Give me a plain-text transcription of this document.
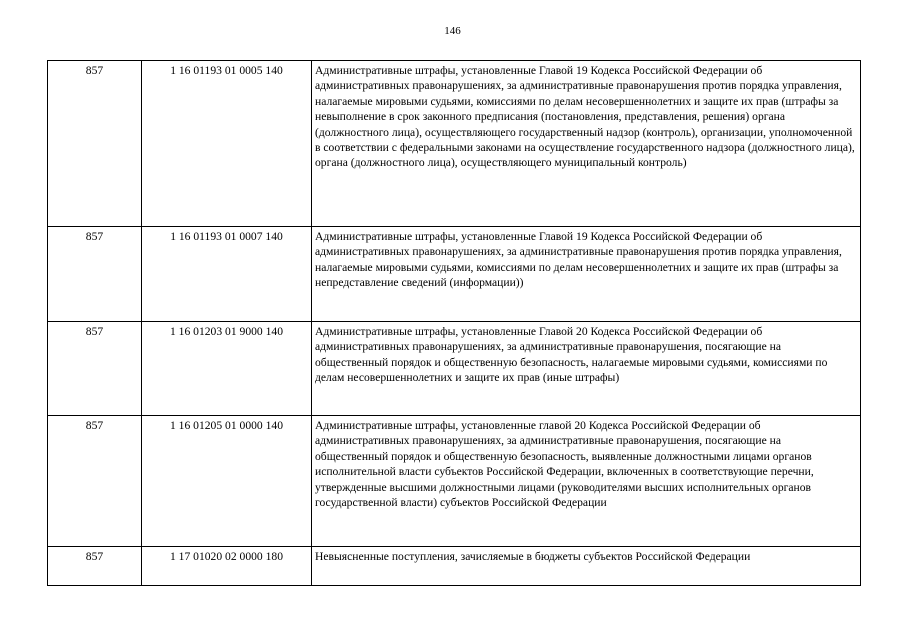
146
857	1 16 01193 01 0005 140	Административные штрафы, установленные Главой 19 Кодекса Российской Федерации об административных правонарушениях, за административные правонарушения против порядка управления, налагаемые мировыми судьями, комиссиями по делам несовершеннолетних и защите их прав (штрафы за невыполнение в срок законного предписания (постановления, представления, решения) органа (должностного лица), осуществляющего государственный надзор (контроль), организации, уполномоченной в соответствии с федеральными законами на осуществление государственного надзора (должностного лица), органа (должностного лица), осуществляющего муниципальный контроль)
857	1 16 01193 01 0007 140	Административные штрафы, установленные Главой 19 Кодекса Российской Федерации об административных правонарушениях, за административные правонарушения против порядка управления, налагаемые мировыми судьями, комиссиями по делам несовершеннолетних и защите их прав (штрафы за непредставление сведений (информации))
857	1 16 01203 01 9000 140	Административные штрафы, установленные Главой 20 Кодекса Российской Федерации об административных правонарушениях, за административные правонарушения, посягающие на общественный порядок и общественную безопасность, налагаемые мировыми судьями, комиссиями по делам несовершеннолетних и защите их прав (иные штрафы)
857	1 16 01205 01 0000 140	Административные штрафы, установленные главой 20 Кодекса Российской Федерации об административных правонарушениях, за административные правонарушения, посягающие на общественный порядок и общественную безопасность, выявленные должностными лицами органов исполнительной власти субъектов Российской Федерации, включенных в соответствующие перечни, утвержденные высшими должностными лицами (руководителями высших исполнительных органов государственной власти) субъектов Российской Федерации
857	1 17 01020 02 0000 180	Невыясненные поступления, зачисляемые в бюджеты субъектов Российской Федерации
